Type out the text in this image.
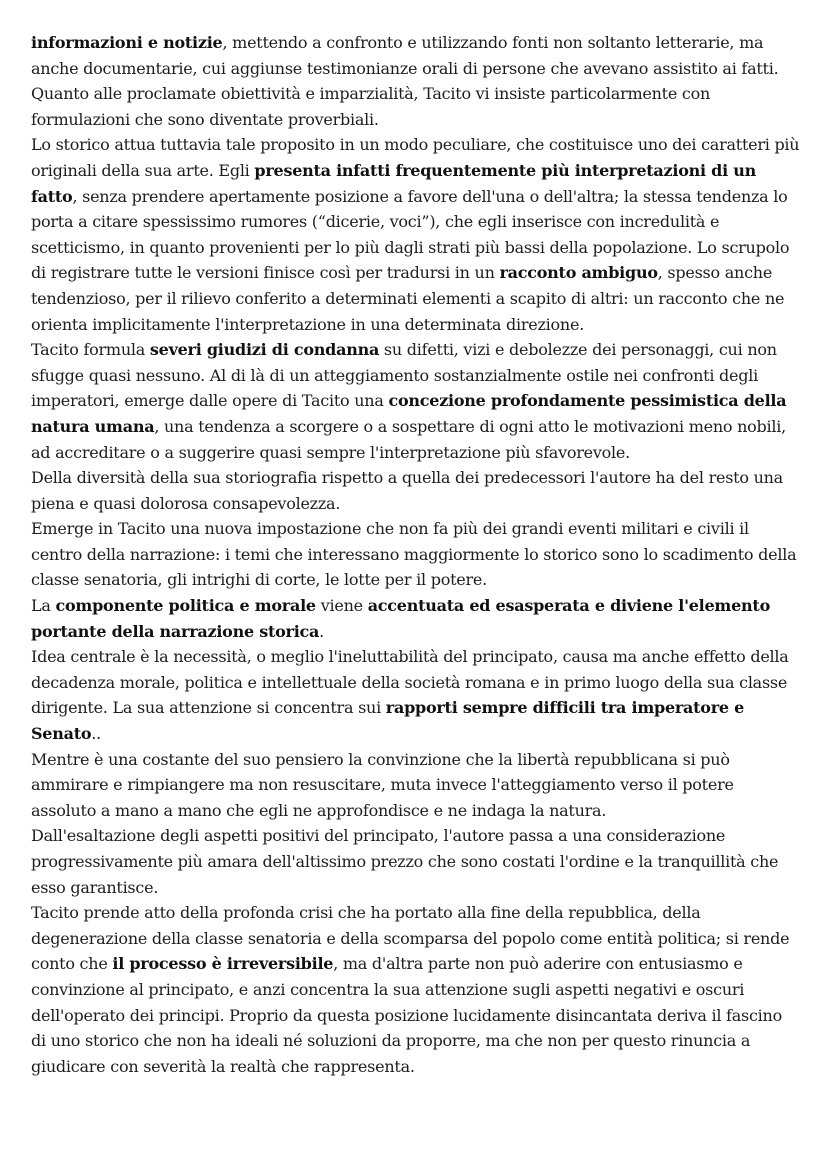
informazioni e notizie, mettendo a confronto e utilizzando fonti non soltanto letterarie, ma anche documentarie, cui aggiunse testimonianze orali di persone che avevano assistito ai fatti.

Quanto alle proclamate obiettività e imparzialità, Tacito vi insiste particolarmente con formulazioni che sono diventate proverbiali.

Lo storico attua tuttavia tale proposito in un modo peculiare, che costituisce uno dei caratteri più originali della sua arte. Egli presenta infatti frequentemente più interpretazioni di un fatto, senza prendere apertamente posizione a favore dell'una o dell'altra; la stessa tendenza lo porta a citare spessissimo rumores (“dicerie, voci”), che egli inserisce con incredulità e scetticismo, in quanto provenienti per lo più dagli strati più bassi della popolazione. Lo scrupolo di registrare tutte le versioni finisce così per tradursi in un racconto ambiguo, spesso anche tendenzioso, per il rilievo conferito a determinati elementi a scapito di altri: un racconto che ne orienta implicitamente l'interpretazione in una determinata direzione.

Tacito formula severi giudizi di condanna su difetti, vizi e debolezze dei personaggi, cui non sfugge quasi nessuno. Al di là di un atteggiamento sostanzialmente ostile nei confronti degli imperatori, emerge dalle opere di Tacito una concezione profondamente pessimistica della natura umana, una tendenza a scorgere o a sospettare di ogni atto le motivazioni meno nobili, ad accreditare o a suggerire quasi sempre l'interpretazione più sfavorevole.

Della diversità della sua storiografia rispetto a quella dei predecessori l'autore ha del resto una piena e quasi dolorosa consapevolezza.

Emerge in Tacito una nuova impostazione che non fa più dei grandi eventi militari e civili il centro della narrazione: i temi che interessano maggiormente lo storico sono lo scadimento della classe senatoria, gli intrighi di corte, le lotte per il potere.

La componente politica e morale viene accentuata ed esasperata e diviene l'elemento portante della narrazione storica.

Idea centrale è la necessità, o meglio l'ineluttabilità del principato, causa ma anche effetto della decadenza morale, politica e intellettuale della società romana e in primo luogo della sua classe dirigente. La sua attenzione si concentra sui rapporti sempre difficili tra imperatore e Senato..

Mentre è una costante del suo pensiero la convinzione che la libertà repubblicana si può ammirare e rimpiangere ma non resuscitare, muta invece l'atteggiamento verso il potere assoluto a mano a mano che egli ne approfondisce e ne indaga la natura.

Dall'esaltazione degli aspetti positivi del principato, l'autore passa a una considerazione progressivamente più amara dell'altissimo prezzo che sono costati l'ordine e la tranquillità che esso garantisce.

Tacito prende atto della profonda crisi che ha portato alla fine della repubblica, della degenerazione della classe senatoria e della scomparsa del popolo come entità politica; si rende conto che il processo è irreversibile, ma d'altra parte non può aderire con entusiasmo e convinzione al principato, e anzi concentra la sua attenzione sugli aspetti negativi e oscuri dell'operato dei principi. Proprio da questa posizione lucidamente disincantata deriva il fascino di uno storico che non ha ideali né soluzioni da proporre, ma che non per questo rinuncia a giudicare con severità la realtà che rappresenta.
